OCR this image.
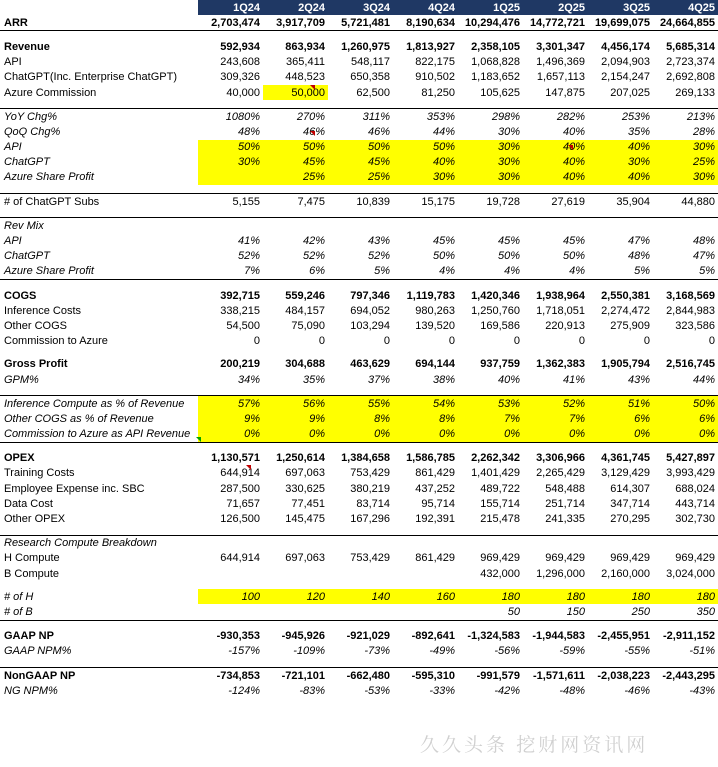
	1Q24	2Q24	3Q24	4Q24	1Q25	2Q25	3Q25	4Q25
ARR	2,703,474	3,917,709	5,721,481	8,190,634	10,294,476	14,772,721	19,699,075	24,664,855

Revenue	592,934	863,934	1,260,975	1,813,927	2,358,105	3,301,347	4,456,174	5,685,314
API	243,608	365,411	548,117	822,175	1,068,828	1,496,369	2,094,903	2,723,374
ChatGPT(Inc. Enterprise ChatGPT)	309,326	448,523	650,358	910,502	1,183,652	1,657,113	2,154,247	2,692,808
Azure Commission	40,000	50,000	62,500	81,250	105,625	147,875	207,025	269,133

YoY Chg%	1080%	270%	311%	353%	298%	282%	253%	213%
QoQ Chg%	48%	46%	46%	44%	30%	40%	35%	28%
API	50%	50%	50%	50%	30%	40%	40%	30%
ChatGPT	30%	45%	45%	40%	30%	40%	30%	25%
Azure Share Profit		25%	25%	30%	30%	40%	40%	30%

# of ChatGPT Subs	5,155	7,475	10,839	15,175	19,728	27,619	35,904	44,880

Rev Mix								
API	41%	42%	43%	45%	45%	45%	47%	48%
ChatGPT	52%	52%	52%	50%	50%	50%	48%	47%
Azure Share Profit	7%	6%	5%	4%	4%	4%	5%	5%

COGS	392,715	559,246	797,346	1,119,783	1,420,346	1,938,964	2,550,381	3,168,569
Inference Costs	338,215	484,157	694,052	980,263	1,250,760	1,718,051	2,274,472	2,844,983
Other COGS	54,500	75,090	103,294	139,520	169,586	220,913	275,909	323,586
Commission to Azure	0	0	0	0	0	0	0	0

Gross Profit	200,219	304,688	463,629	694,144	937,759	1,362,383	1,905,794	2,516,745
GPM%	34%	35%	37%	38%	40%	41%	43%	44%

Inference Compute as % of Revenue	57%	56%	55%	54%	53%	52%	51%	50%
Other COGS as % of Revenue	9%	9%	8%	8%	7%	7%	6%	6%
Commission to Azure as API Revenue	0%	0%	0%	0%	0%	0%	0%	0%

OPEX	1,130,571	1,250,614	1,384,658	1,586,785	2,262,342	3,306,966	4,361,745	5,427,897
Training Costs	644,914	697,063	753,429	861,429	1,401,429	2,265,429	3,129,429	3,993,429
Employee Expense inc. SBC	287,500	330,625	380,219	437,252	489,722	548,488	614,307	688,024
Data Cost	71,657	77,451	83,714	95,714	155,714	251,714	347,714	443,714
Other OPEX	126,500	145,475	167,296	192,391	215,478	241,335	270,295	302,730

Research Compute Breakdown								
H Compute	644,914	697,063	753,429	861,429	969,429	969,429	969,429	969,429
B Compute					432,000	1,296,000	2,160,000	3,024,000

# of H	100	120	140	160	180	180	180	180
# of B					50	150	250	350

GAAP NP	-930,353	-945,926	-921,029	-892,641	-1,324,583	-1,944,583	-2,455,951	-2,911,152
GAAP NPM%	-157%	-109%	-73%	-49%	-56%	-59%	-55%	-51%

NonGAAP NP	-734,853	-721,101	-662,480	-595,310	-991,579	-1,571,611	-2,038,223	-2,443,295
NG NPM%	-124%	-83%	-53%	-33%	-42%	-48%	-46%	-43%
久久头条 挖财网资讯网
